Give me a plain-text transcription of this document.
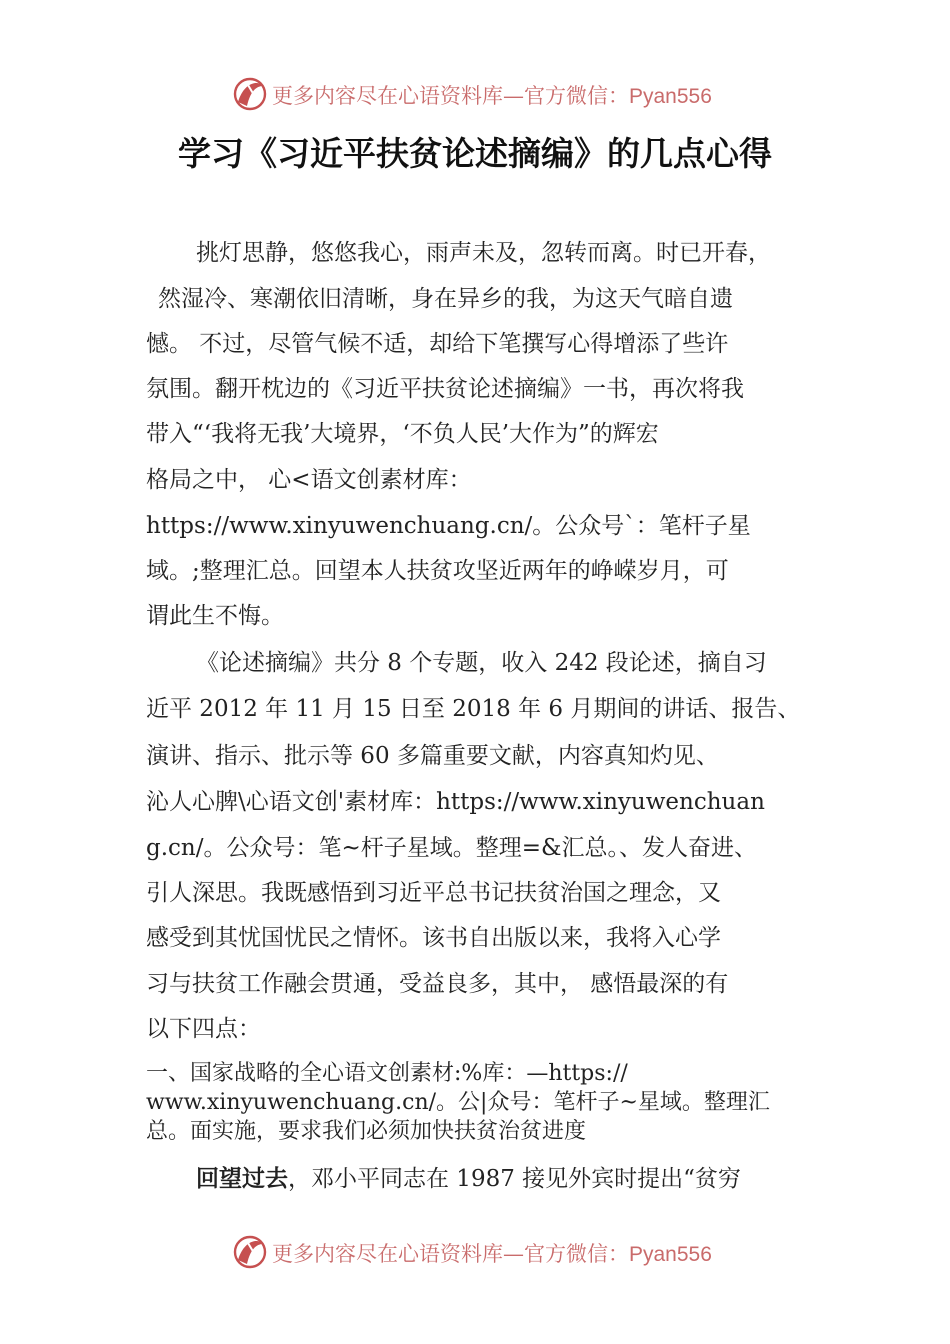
更多内容尽在心语资料库—官方微信：Pyan556
学习《习近平扶贫论述摘编》的几点心得
挑灯思静，悠悠我心，雨声未及，忽转而离。时已开春，
然湿冷、寒潮依旧清晰，身在异乡的我，为这天气暗自遗
憾。 不过，尽管气候不适，却给下笔撰写心得增添了些许
氛围。翻开枕边的《习近平扶贫论述摘编》一书，再次将我
带入“‘我将无我’大境界，‘不负人民’大作为”的辉宏
格局之中， 心<语文创素材库：
https://www.xinyuwenchuang.cn/。公众号`：笔杆子星
域。;整理汇总。回望本人扶贫攻坚近两年的峥嵘岁月，可
谓此生不悔。
《论述摘编》共分 8 个专题，收入 242 段论述，摘自习
近平 2012 年 11 月 15 日至 2018 年 6 月期间的讲话、报告、
演讲、指示、批示等 60 多篇重要文献，内容真知灼见、
沁人心脾\心语文创'素材库：https://www.xinyuwenchuan
g.cn/。公众号：笔~杆子星域。整理=&汇总。、发人奋进、
引人深思。我既感悟到习近平总书记扶贫治国之理念，又
感受到其忧国忧民之情怀。该书自出版以来，我将入心学
习与扶贫工作融会贯通，受益良多，其中， 感悟最深的有
以下四点：
一、国家战略的全心语文创素材:%库：—https://
www.xinyuwenchuang.cn/。公|众号：笔杆子~星域。整理汇
总。面实施，要求我们必须加快扶贫治贫进度
回望过去，邓小平同志在 1987 接见外宾时提出“贫穷
更多内容尽在心语资料库—官方微信：Pyan556
